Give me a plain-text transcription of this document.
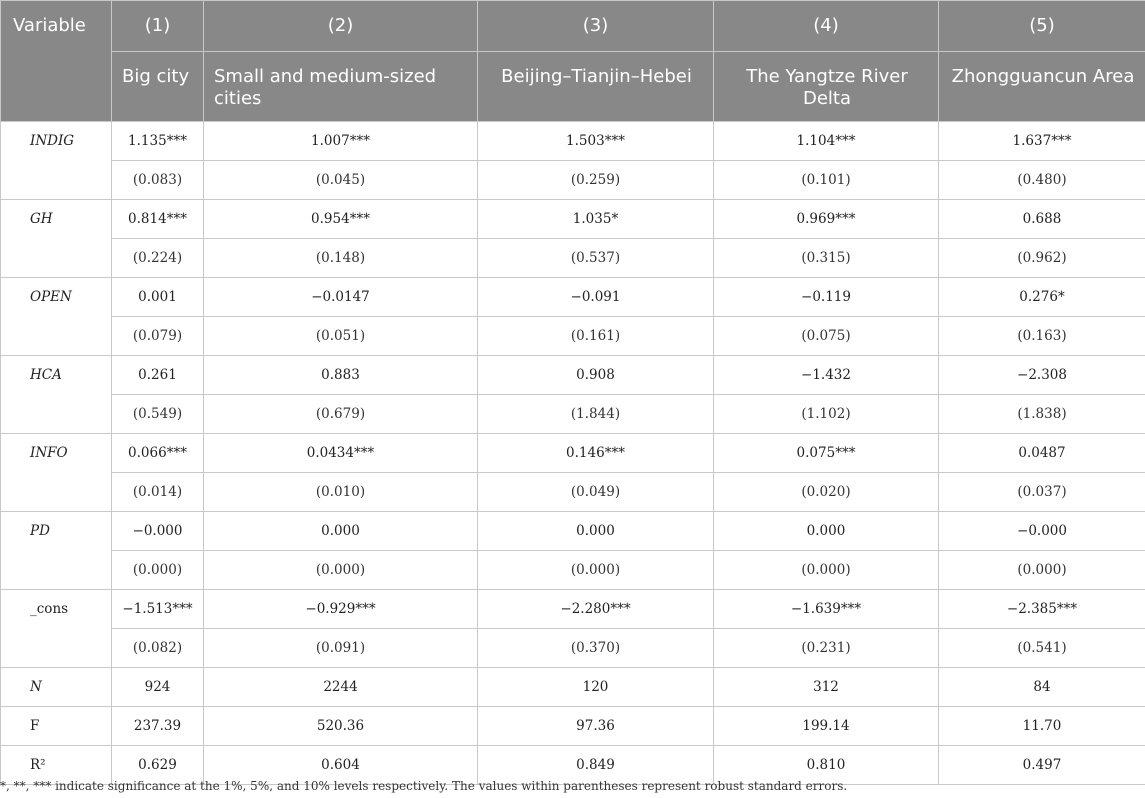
Variable	(1)	(2)	(3)	(4)	(5)
	Big city	Small and medium-sized cities	Beijing–Tianjin–Hebei	The Yangtze River Delta	Zhongguancun Area
INDIG	1.135***	1.007***	1.503***	1.104***	1.637***
	(0.083)	(0.045)	(0.259)	(0.101)	(0.480)
GH	0.814***	0.954***	1.035*	0.969***	0.688
	(0.224)	(0.148)	(0.537)	(0.315)	(0.962)
OPEN	0.001	−0.0147	−0.091	−0.119	0.276*
	(0.079)	(0.051)	(0.161)	(0.075)	(0.163)
HCA	0.261	0.883	0.908	−1.432	−2.308
	(0.549)	(0.679)	(1.844)	(1.102)	(1.838)
INFO	0.066***	0.0434***	0.146***	0.075***	0.0487
	(0.014)	(0.010)	(0.049)	(0.020)	(0.037)
PD	−0.000	0.000	0.000	0.000	−0.000
	(0.000)	(0.000)	(0.000)	(0.000)	(0.000)
_cons	−1.513***	−0.929***	−2.280***	−1.639***	−2.385***
	(0.082)	(0.091)	(0.370)	(0.231)	(0.541)
N	924	2244	120	312	84
F	237.39	520.36	97.36	199.14	11.70
R²	0.629	0.604	0.849	0.810	0.497
*, **, *** indicate significance at the 1%, 5%, and 10% levels respectively. The values within parentheses represent robust standard errors.
